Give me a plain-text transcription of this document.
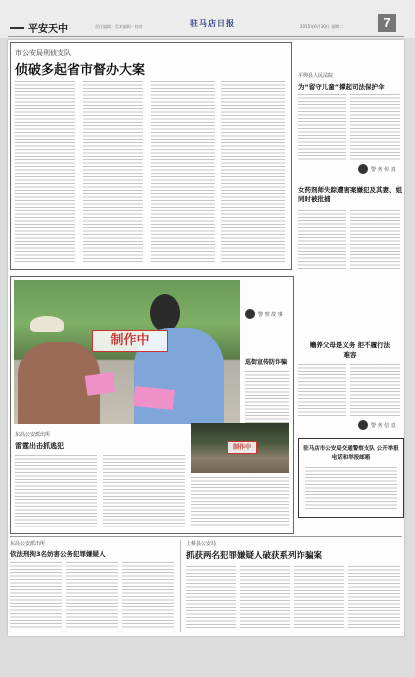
平安天中	责任编辑 · 美术编辑 · 校对	驻马店日报	2015年6月30日 星期二	7
市公安局刑侦支队
侦破多起省市督办大案	平舆县人民法院
为“留守儿童”撑起司法保护伞
警 务 传 真
女药剂师失踪遭害案嫌犯及其妻、姐同时被批捕
制作中
警 察 故 事
巡街宣传防诈骗
东高公安派出所
雷霆出击抓逃犯	制作中
赡养父母是义务 拒不履行法难容
警 务 信 息
驻马店市公安局交通警察支队 公开举报电话和举报邮箱
东高公安派出所
依法刑拘3名妨害公务犯罪嫌疑人
上蔡县公安局
抓获两名犯罪嫌疑人破获系列诈骗案
